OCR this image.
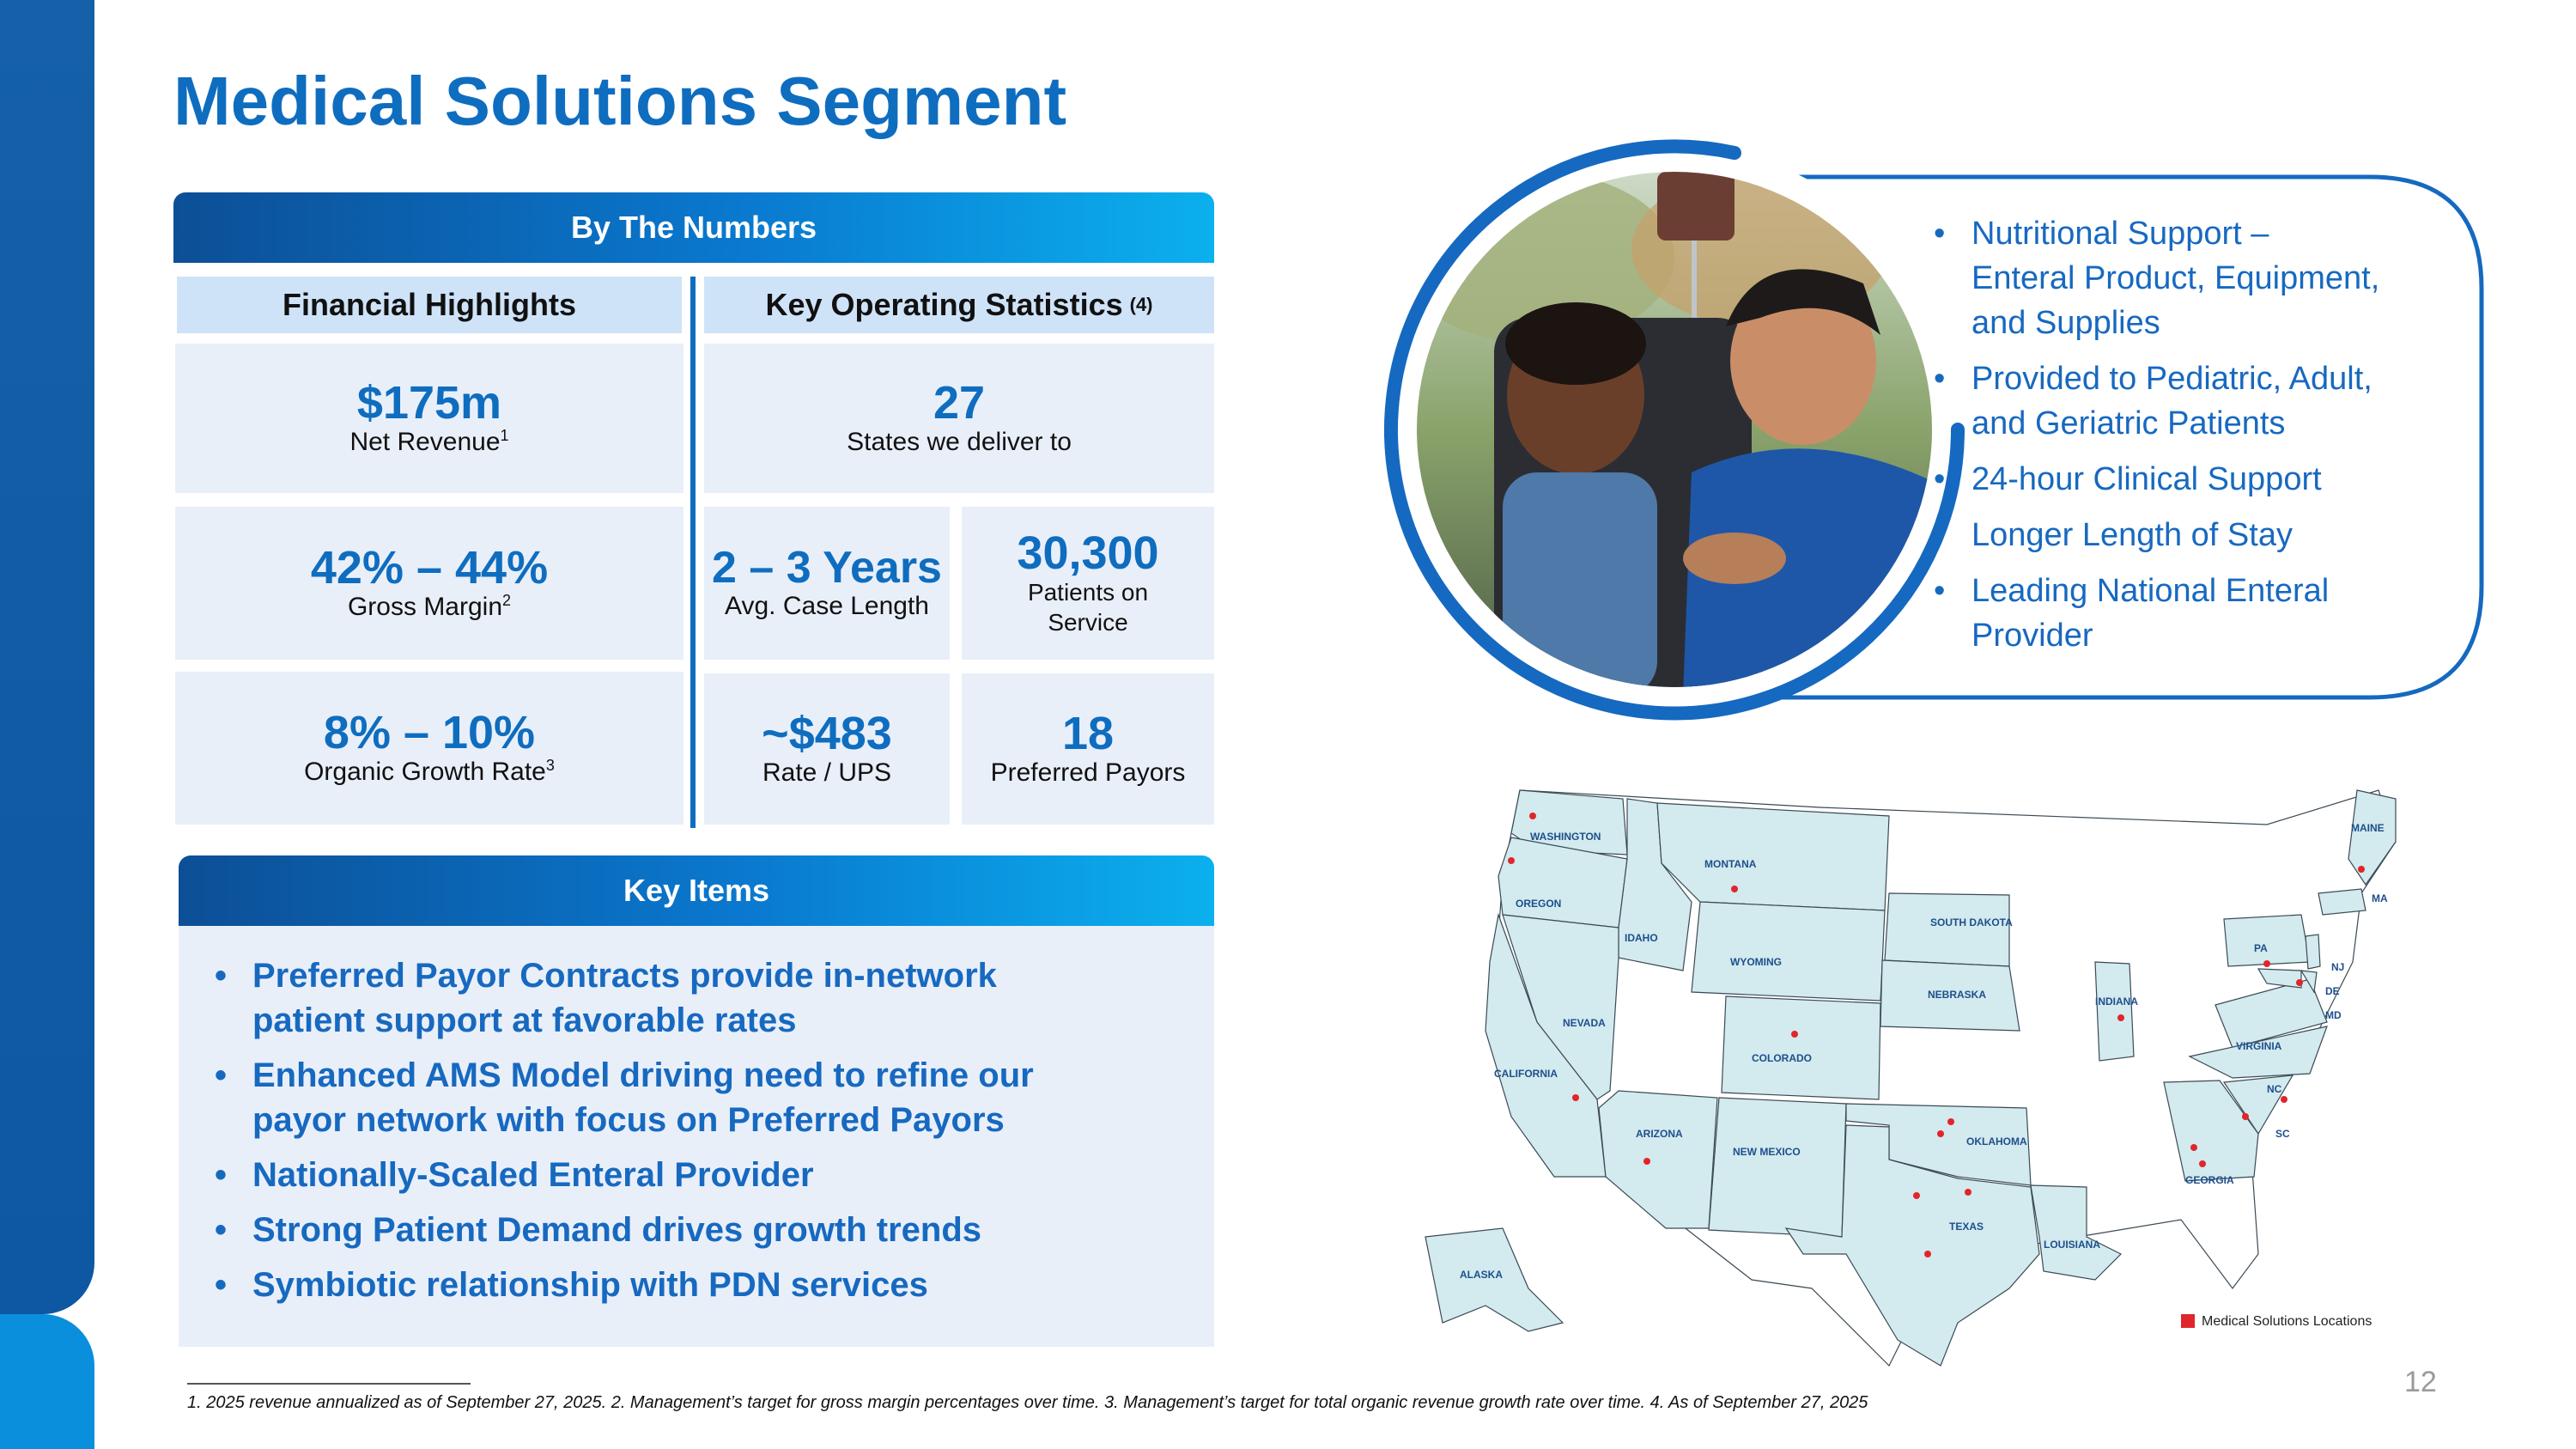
Medical Solutions Segment
By The Numbers
Financial Highlights	Key Operating Statistics (4)
$175m
Net Revenue$^1$
42% – 44%
Gross Margin$^2$
8% – 10%
Organic Growth Rate$^3$
27
States we deliver to
2 – 3 Years
Avg. Case Length
30,300
Patients on
Service
~$483
Rate / UPS
18
Preferred Payors
Key Items
• Preferred Payor Contracts provide in-network
patient support at favorable rates
• Enhanced AMS Model driving need to refine our
payor network with focus on Preferred Payors
• Nationally-Scaled Enteral Provider
• Strong Patient Demand drives growth trends
• Symbiotic relationship with PDN services
• Nutritional Support –
Enteral Product, Equipment,
and Supplies
• Provided to Pediatric, Adult,
and Geriatric Patients
• 24-hour Clinical Support
• Longer Length of Stay
• Leading National Enteral
Provider
WASHINGTON
OREGON
IDAHO
MONTANA
WYOMING
SOUTH DAKOTA
NEBRASKA
NEVADA
CALIFORNIA
COLORADO
ARIZONA
NEW MEXICO
OKLAHOMA
TEXAS
LOUISIANA
ALASKA
INDIANA
PA
VIRGINIA
NC
SC
GEORGIA
MAINE
MA
NJ
DE
MD
Medical Solutions Locations
1. 2025 revenue annualized as of September 27, 2025. 2. Management’s target for gross margin percentages over time. 3. Management’s target for total organic revenue growth rate over time. 4. As of September 27, 2025
12
